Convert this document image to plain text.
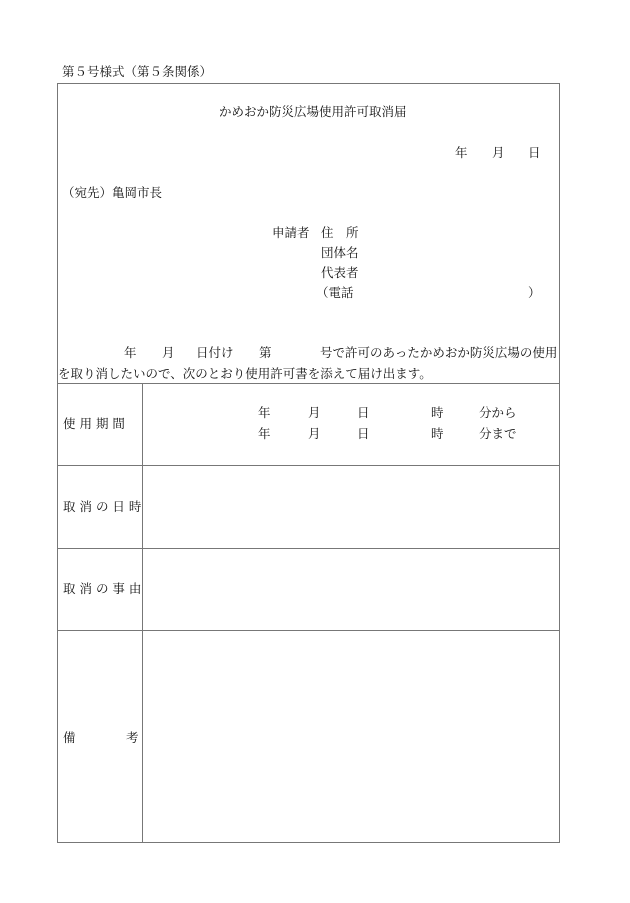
第５号様式（第５条関係）
かめおか防災広場使用許可取消届
年 月 日
（宛先）亀岡市長
申請者 住　所
団体名
代表者
（電話	）
年 月 日付け 第	号で許可のあったかめおか防災広場の使用
を取り消したいので、次のとおり使用許可書を添えて届け出ます。
使 用 期 間
年	月	日	時	分から
年	月	日	時	分まで
取 消 の 日 時
取 消 の 事 由
備	考
